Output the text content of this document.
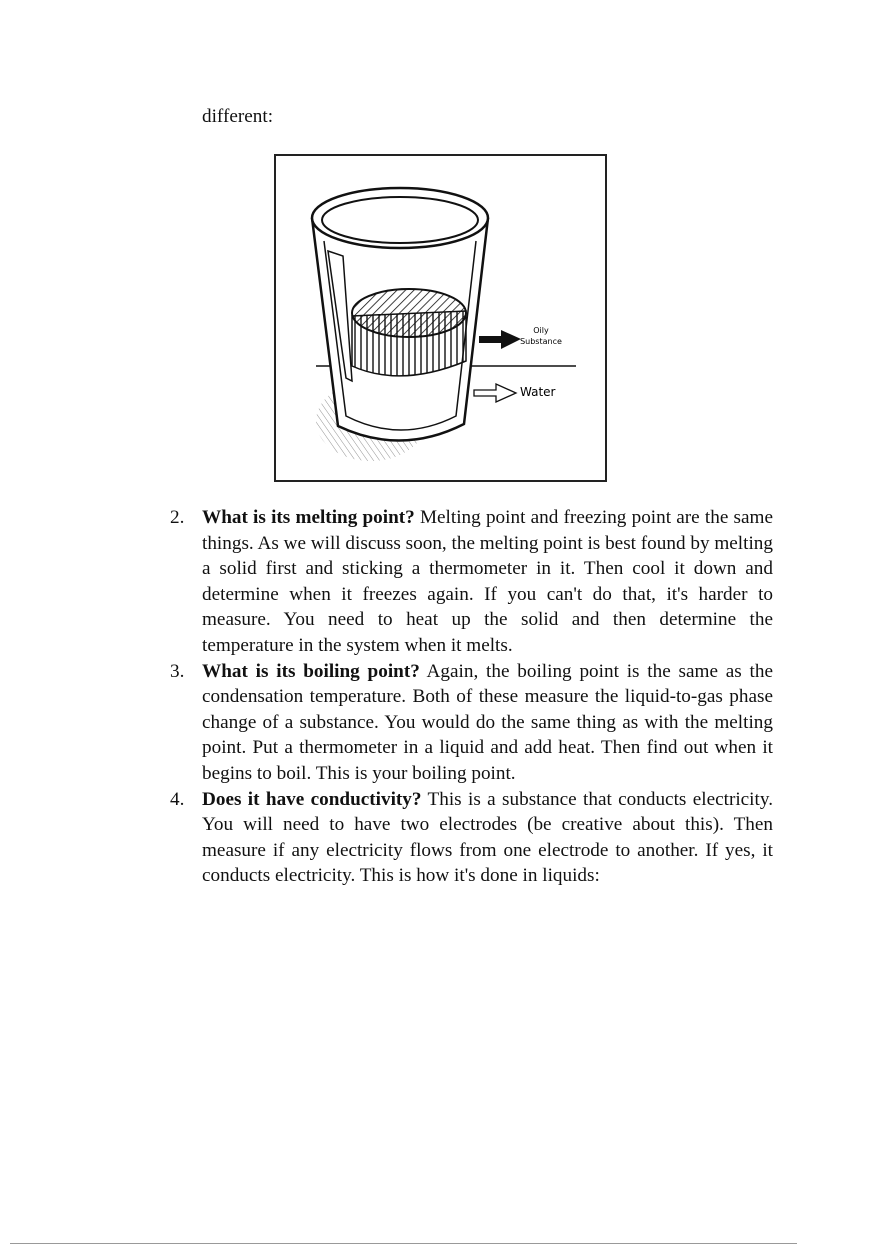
different:
Oily
Substance
Water
2. What is its melting point? Melting point and freezing point are the same things. As we will discuss soon, the melting point is best found by melting a solid first and sticking a thermometer in it. Then cool it down and determine when it freezes again. If you can't do that, it's harder to measure. You need to heat up the solid and then determine the temperature in the system when it melts.
3. What is its boiling point? Again, the boiling point is the same as the condensation temperature. Both of these measure the liquid-to-gas phase change of a substance. You would do the same thing as with the melting point. Put a thermometer in a liquid and add heat. Then find out when it begins to boil. This is your boiling point.
4. Does it have conductivity? This is a substance that conducts electricity. You will need to have two electrodes (be creative about this). Then measure if any electricity flows from one electrode to another. If yes, it conducts electricity. This is how it's done in liquids:
